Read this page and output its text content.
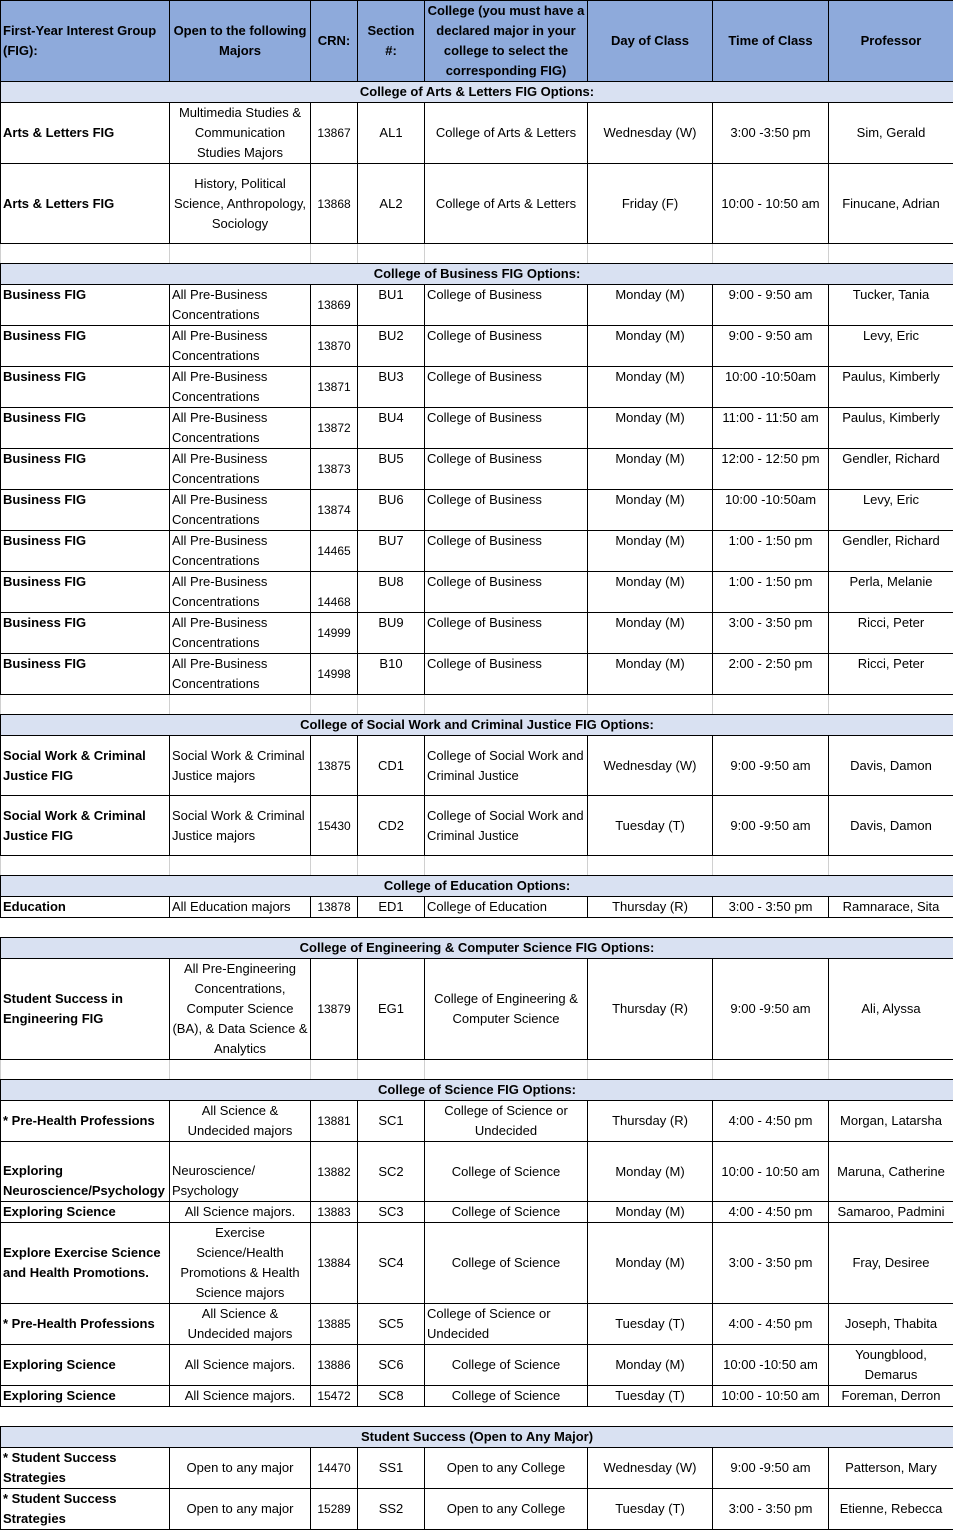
First-Year Interest Group (FIG):	Open to the following Majors	CRN:	Section #:	College (you must have a declared major in your college to select the corresponding FIG)	Day of Class	Time of Class	Professor
College of Arts & Letters FIG Options:							
Arts & Letters FIG	Multimedia Studies & Communication Studies Majors	13867	AL1	College of Arts & Letters	Wednesday (W)	3:00 -3:50 pm	Sim, Gerald
Arts & Letters FIG	History, Political Science, Anthropology, Sociology	13868	AL2	College of Arts & Letters	Friday (F)	10:00 - 10:50 am	Finucane, Adrian

College of Business FIG Options:							
Business FIG	All Pre-Business Concentrations	13869	BU1	College of Business	Monday (M)	9:00 - 9:50 am	Tucker, Tania
Business FIG	All Pre-Business Concentrations	13870	BU2	College of Business	Monday (M)	9:00 - 9:50 am	Levy, Eric
Business FIG	All Pre-Business Concentrations	13871	BU3	College of Business	Monday (M)	10:00 -10:50am	Paulus, Kimberly
Business FIG	All Pre-Business Concentrations	13872	BU4	College of Business	Monday (M)	11:00 - 11:50 am	Paulus, Kimberly
Business FIG	All Pre-Business Concentrations	13873	BU5	College of Business	Monday (M)	12:00 - 12:50 pm	Gendler, Richard
Business FIG	All Pre-Business Concentrations	13874	BU6	College of Business	Monday (M)	10:00 -10:50am	Levy, Eric
Business FIG	All Pre-Business Concentrations	14465	BU7	College of Business	Monday (M)	1:00 - 1:50 pm	Gendler, Richard
Business FIG	All Pre-Business Concentrations	14468	BU8	College of Business	Monday (M)	1:00 - 1:50 pm	Perla, Melanie
Business FIG	All Pre-Business Concentrations	14999	BU9	College of Business	Monday (M)	3:00 - 3:50 pm	Ricci, Peter
Business FIG	All Pre-Business Concentrations	14998	B10	College of Business	Monday (M)	2:00 - 2:50 pm	Ricci, Peter

College of Social Work and Criminal Justice FIG Options:							
Social Work & Criminal Justice FIG	Social Work & Criminal Justice majors	13875	CD1	College of Social Work and Criminal Justice	Wednesday (W)	9:00 -9:50 am	Davis, Damon
Social Work & Criminal Justice FIG	Social Work & Criminal Justice majors	15430	CD2	College of Social Work and Criminal Justice	Tuesday (T)	9:00 -9:50 am	Davis, Damon

College of Education Options:							
Education	All Education majors	13878	ED1	College of Education	Thursday (R)	3:00 - 3:50 pm	Ramnarace, Sita

College of Engineering & Computer Science FIG Options:							
Student Success in Engineering FIG	All Pre-Engineering Concentrations, Computer Science (BA), & Data Science & Analytics	13879	EG1	College of Engineering & Computer Science	Thursday (R)	9:00 -9:50 am	Ali, Alyssa

College of Science FIG Options:							
* Pre-Health Professions	All Science & Undecided majors	13881	SC1	College of Science or Undecided	Thursday (R)	4:00 - 4:50 pm	Morgan, Latarsha
Exploring Neuroscience/Psychology	Neuroscience/ Psychology	13882	SC2	College of Science	Monday (M)	10:00 - 10:50 am	Maruna, Catherine
Exploring Science	All Science majors.	13883	SC3	College of Science	Monday (M)	4:00 - 4:50 pm	Samaroo, Padmini
Explore Exercise Science and Health Promotions.	Exercise Science/Health Promotions & Health Science majors	13884	SC4	College of Science	Monday (M)	3:00 - 3:50 pm	Fray, Desiree
* Pre-Health Professions	All Science & Undecided majors	13885	SC5	College of Science or Undecided	Tuesday (T)	4:00 - 4:50 pm	Joseph, Thabita
Exploring Science	All Science majors.	13886	SC6	College of Science	Monday (M)	10:00 -10:50 am	Youngblood, Demarus
Exploring Science	All Science majors.	15472	SC8	College of Science	Tuesday (T)	10:00 - 10:50 am	Foreman, Derron

Student Success (Open to Any Major)							
* Student Success Strategies	Open to any major	14470	SS1	Open to any College	Wednesday (W)	9:00 -9:50 am	Patterson, Mary
* Student Success Strategies	Open to any major	15289	SS2	Open to any College	Tuesday (T)	3:00 - 3:50 pm	Etienne, Rebecca
